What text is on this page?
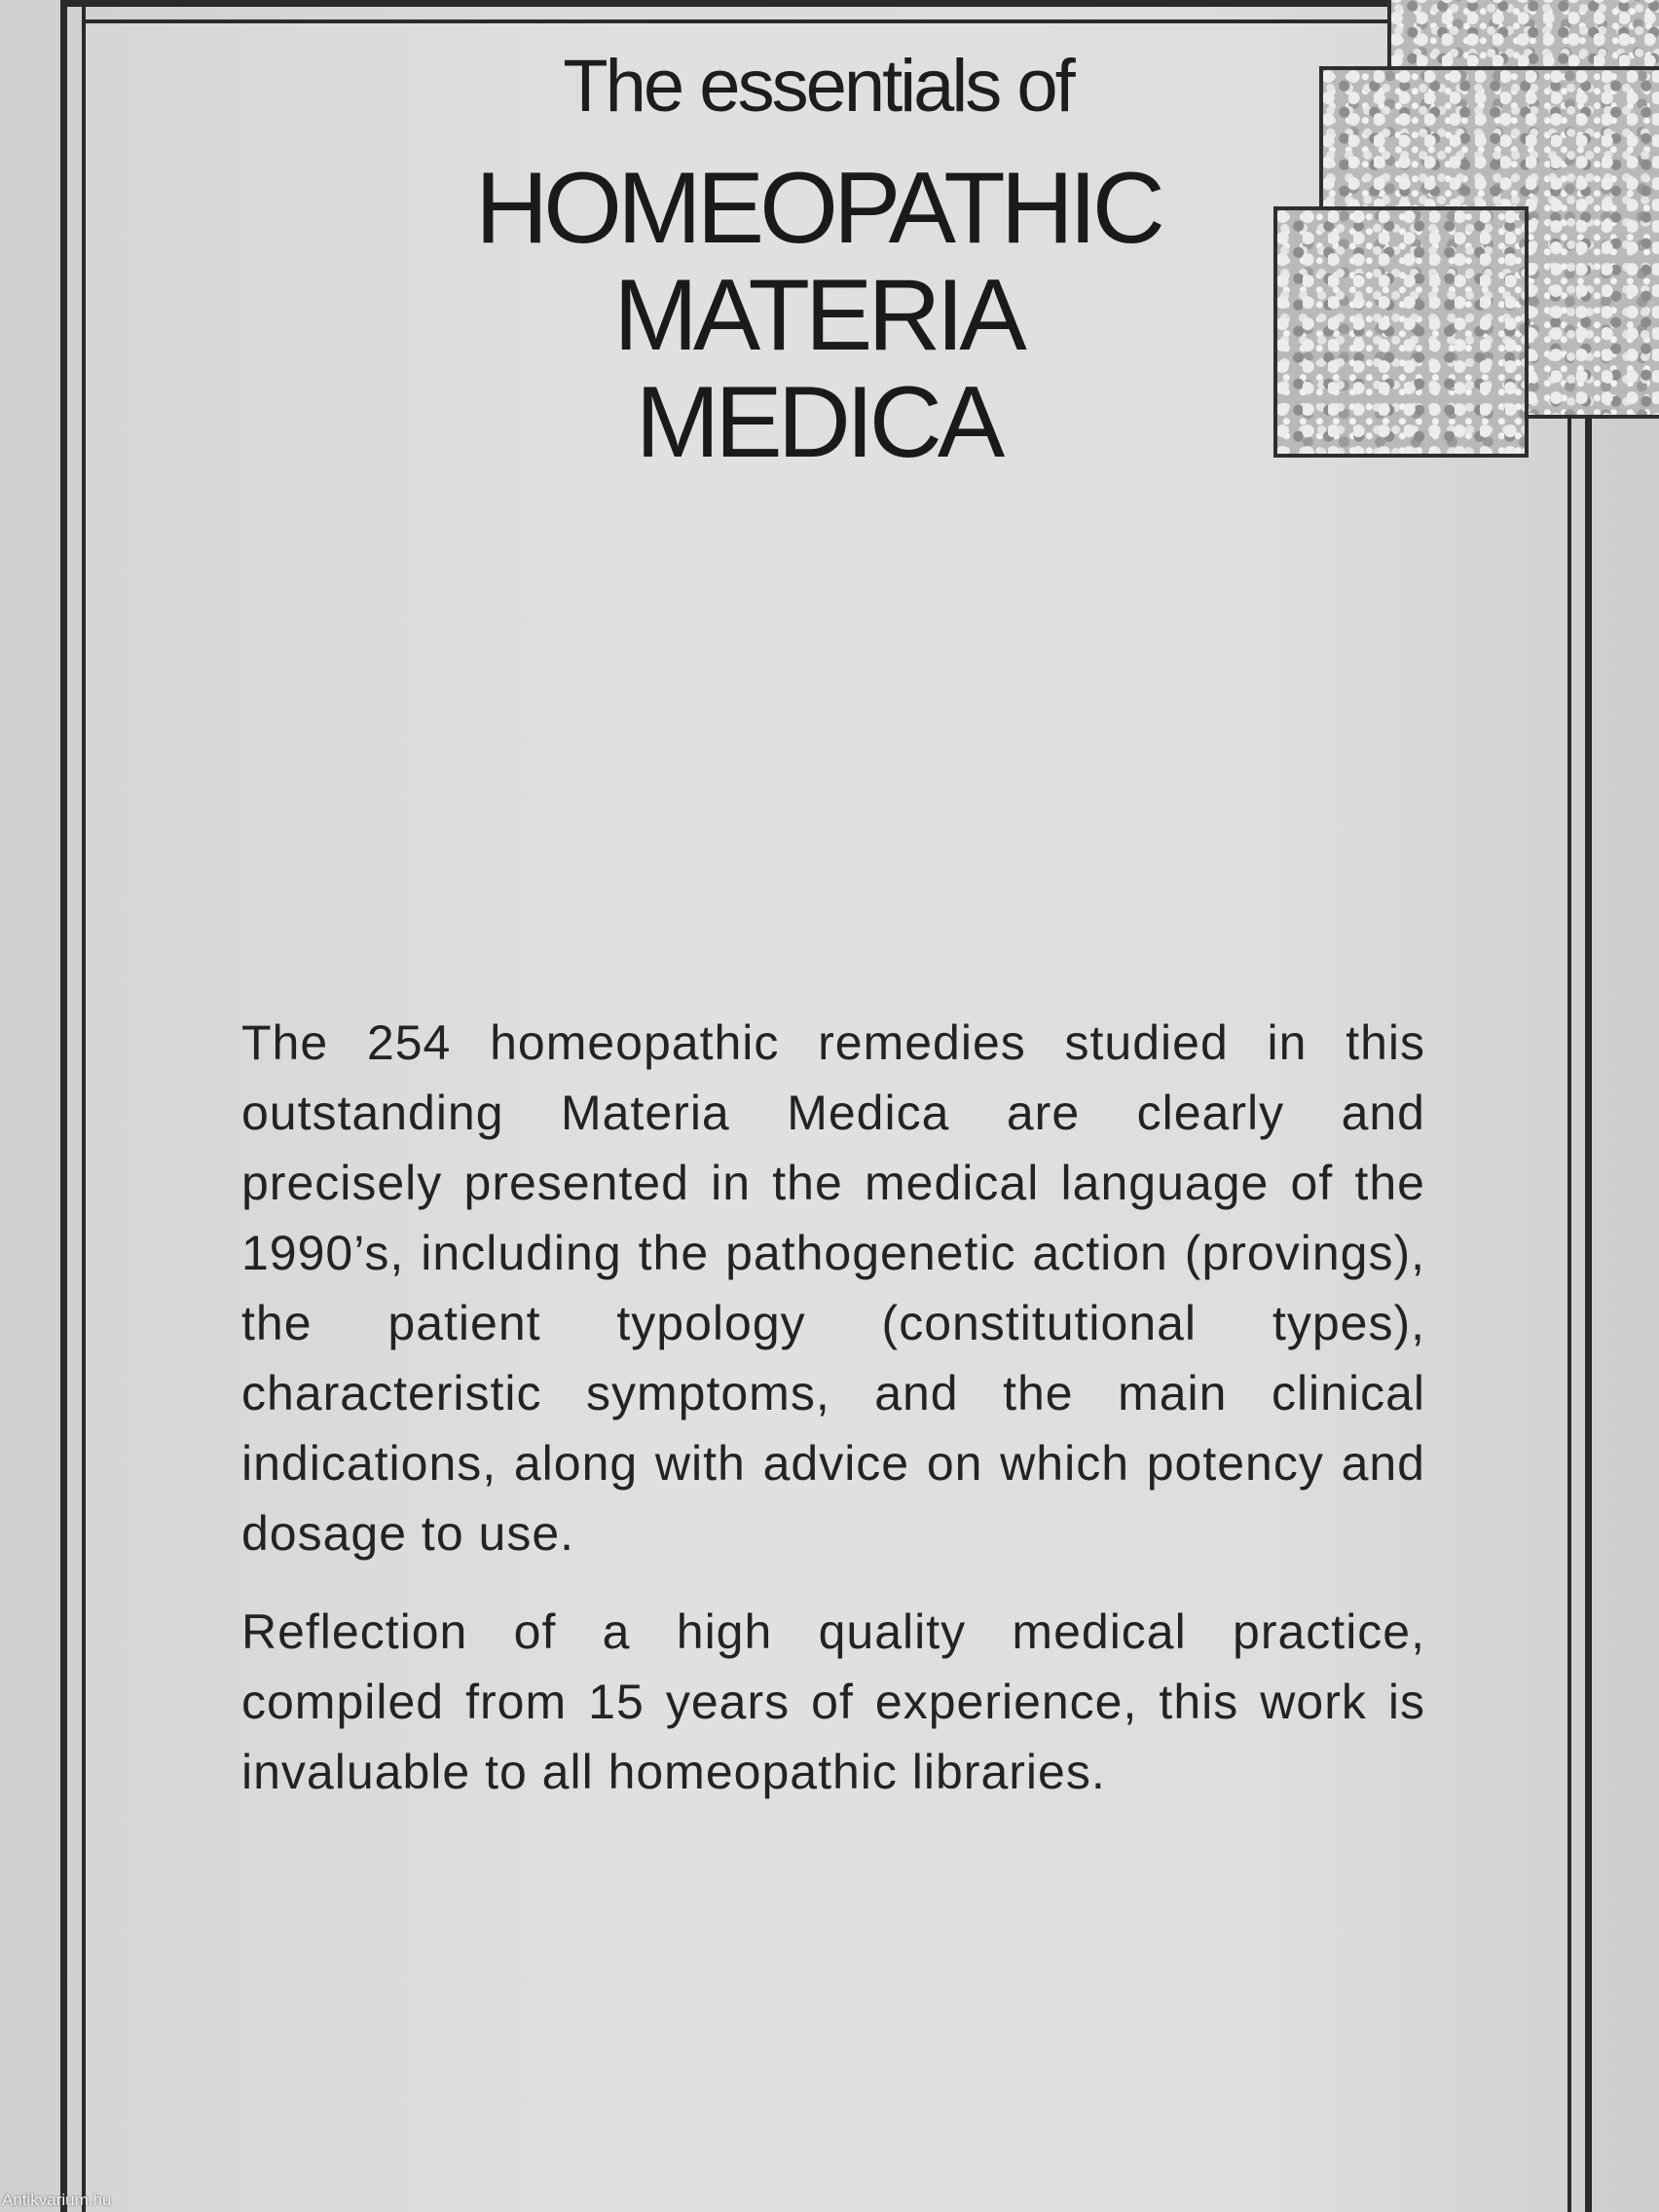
The essentials of
HOMEOPATHIC
MATERIA
MEDICA

The 254 homeopathic remedies studied in this outstanding Materia Medica are clearly and precisely presented in the medical language of the 1990’s, including the pathogenetic action (provings), the patient typology (constitutional types), characteristic symptoms, and the main clinical indications, along with advice on which potency and dosage to use.

Reflection of a high quality medical practice, compiled from 15 years of experience, this work is invaluable to all homeopathic libraries.

Antikvarium.hu
